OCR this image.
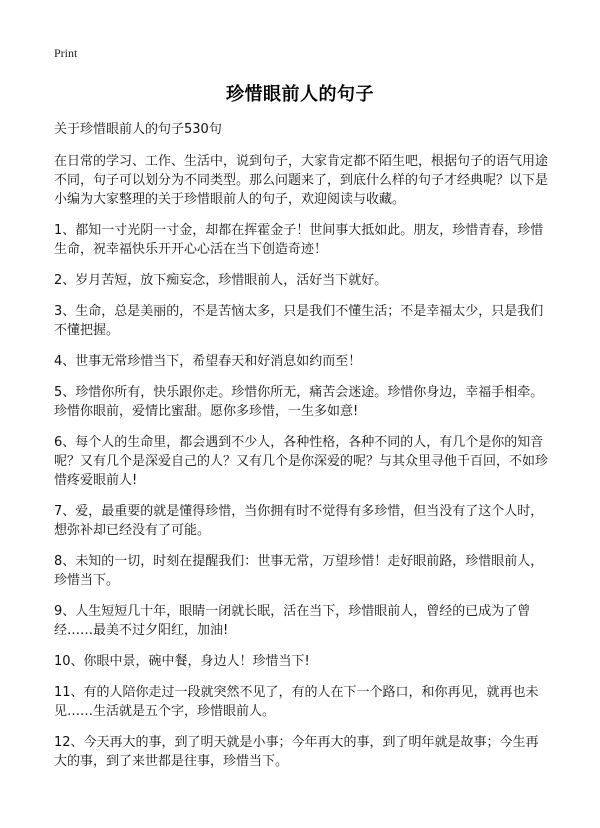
Print
珍惜眼前人的句子

关于珍惜眼前人的句子530句

在日常的学习、工作、生活中，说到句子，大家肯定都不陌生吧，根据句子的语气用途不同，句子可以划分为不同类型。那么问题来了，到底什么样的句子才经典呢？以下是小编为大家整理的关于珍惜眼前人的句子，欢迎阅读与收藏。

1、都知一寸光阴一寸金，却都在挥霍金子！世间事大抵如此。朋友，珍惜青春，珍惜生命，祝幸福快乐开开心心活在当下创造奇迹！

2、岁月苦短，放下痴妄念，珍惜眼前人，活好当下就好。

3、生命，总是美丽的，不是苦恼太多，只是我们不懂生活；不是幸福太少，只是我们不懂把握。

4、世事无常珍惜当下，希望春天和好消息如约而至！

5、珍惜你所有，快乐跟你走。珍惜你所无，痛苦会迷途。珍惜你身边，幸福手相牵。珍惜你眼前，爱情比蜜甜。愿你多珍惜，一生多如意!

6、每个人的生命里，都会遇到不少人，各种性格，各种不同的人，有几个是你的知音呢？又有几个是深爱自己的人？又有几个是你深爱的呢？与其众里寻他千百回，不如珍惜疼爱眼前人!

7、爱，最重要的就是懂得珍惜，当你拥有时不觉得有多珍惜，但当没有了这个人时，想弥补却已经没有了可能。

8、未知的一切，时刻在提醒我们：世事无常，万望珍惜！走好眼前路，珍惜眼前人，珍惜当下。

9、人生短短几十年，眼睛一闭就长眠，活在当下，珍惜眼前人，曾经的已成为了曾经……最美不过夕阳红，加油!

10、你眼中景，碗中餐，身边人！珍惜当下!

11、有的人陪你走过一段就突然不见了，有的人在下一个路口，和你再见，就再也未见……生活就是五个字，珍惜眼前人。

12、今天再大的事，到了明天就是小事；今年再大的事，到了明年就是故事；今生再大的事，到了来世都是往事，珍惜当下。
